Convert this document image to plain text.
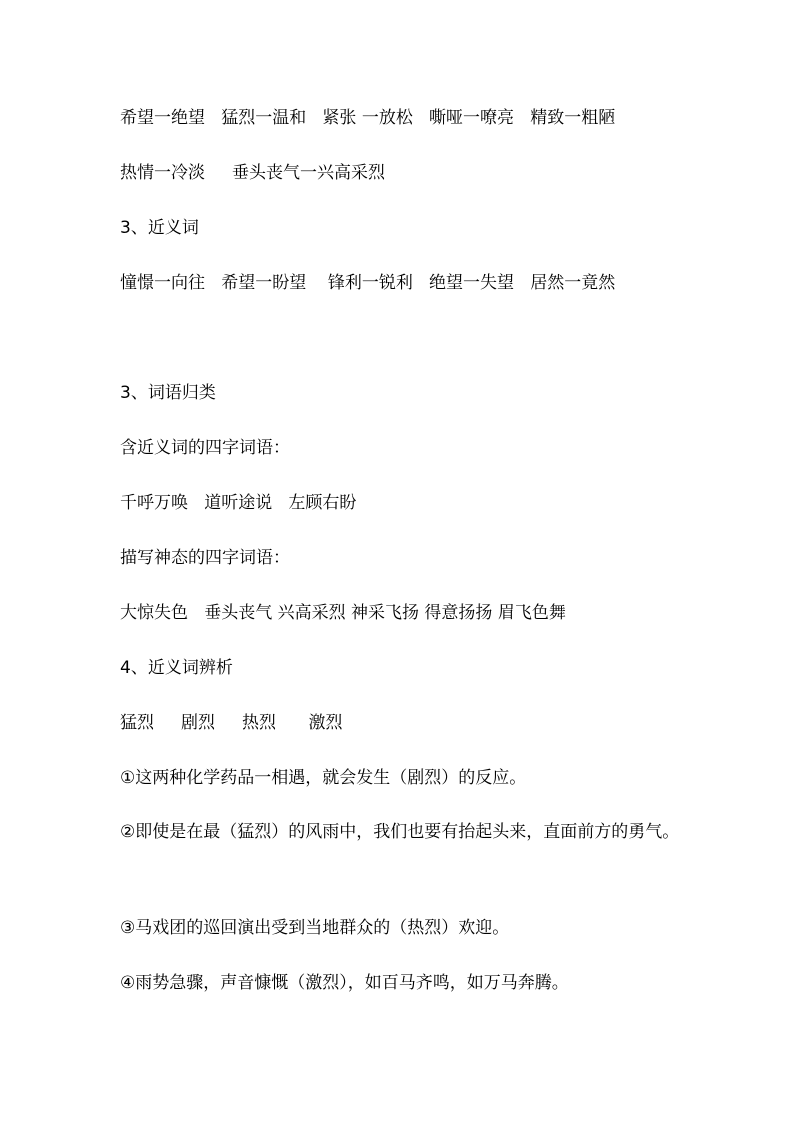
希望一绝望   猛烈一温和   紧张 一放松   嘶哑一嘹亮   精致一粗陋
热情一冷淡     垂头丧气一兴高采烈
3、近义词
憧憬一向往   希望一盼望    锋利一锐利   绝望一失望   居然一竟然
3、词语归类
含近义词的四字词语：
千呼万唤   道听途说   左顾右盼
描写神态的四字词语：
大惊失色   垂头丧气 兴高采烈 神采飞扬 得意扬扬 眉飞色舞
4、近义词辨析
猛烈     剧烈     热烈      激烈
①这两种化学药品一相遇，就会发生（剧烈）的反应。
②即使是在最（猛烈）的风雨中，我们也要有抬起头来，直面前方的勇气。
③马戏团的巡回演出受到当地群众的（热烈）欢迎。
④雨势急骤，声音慷慨（激烈），如百马齐鸣，如万马奔腾。
